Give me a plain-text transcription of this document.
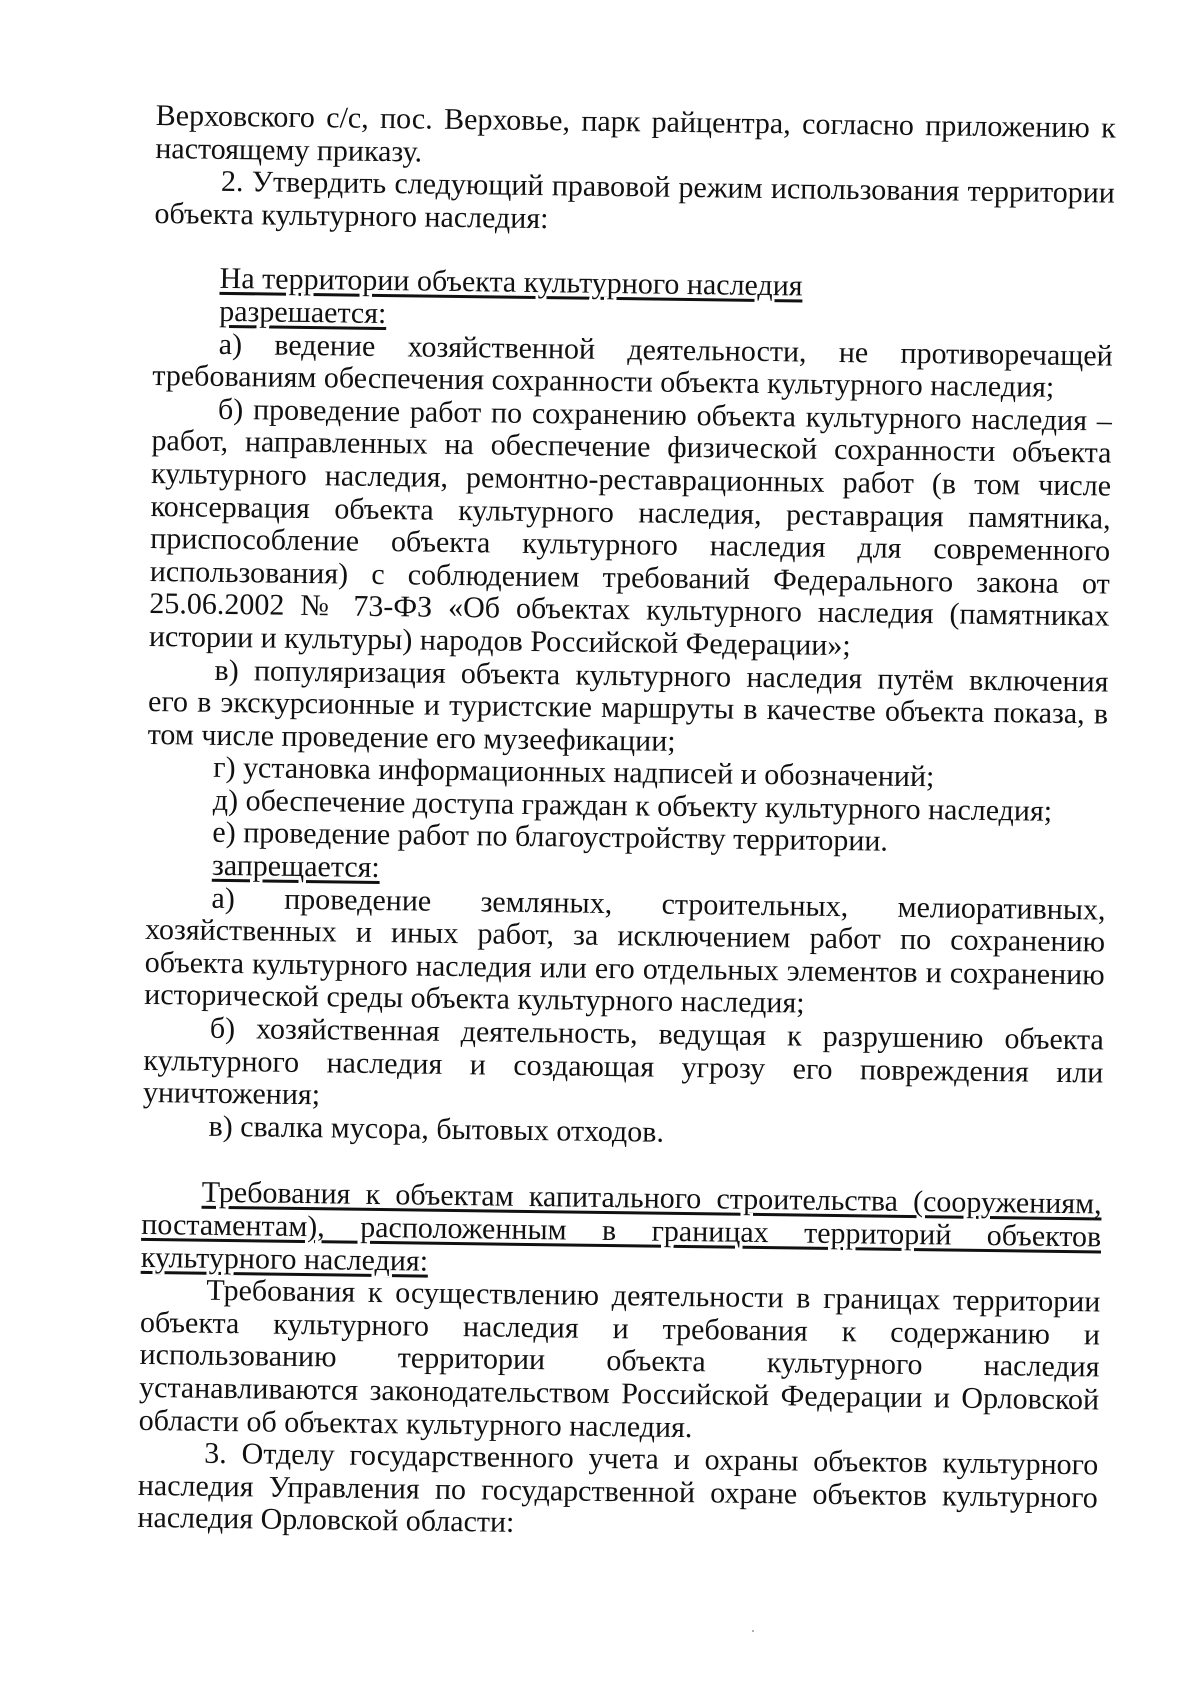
Верховского с/с, пос. Верховье, парк райцентра, согласно приложению к настоящему приказу.

2. Утвердить следующий правовой режим использования территории объекта культурного наследия:

На территории объекта культурного наследия

разрешается:

а) ведение хозяйственной деятельности, не противоречащей требованиям обеспечения сохранности объекта культурного наследия;

б) проведение работ по сохранению объекта культурного наследия – работ, направленных на обеспечение физической сохранности объекта культурного наследия, ремонтно-реставрационных работ (в том числе консервация объекта культурного наследия, реставрация памятника, приспособление объекта культурного наследия для современного использования) с соблюдением требований Федерального закона от 25.06.2002 № 73-ФЗ «Об объектах культурного наследия (памятниках истории и культуры) народов Российской Федерации»;

в) популяризация объекта культурного наследия путём включения его в экскурсионные и туристские маршруты в качестве объекта показа, в том числе проведение его музеефикации;

г) установка информационных надписей и обозначений;

д) обеспечение доступа граждан к объекту культурного наследия;

е) проведение работ по благоустройству территории.

запрещается:

а) проведение земляных, строительных, мелиоративных, хозяйственных и иных работ, за исключением работ по сохранению объекта культурного наследия или его отдельных элементов и сохранению исторической среды объекта культурного наследия;

б) хозяйственная деятельность, ведущая к разрушению объекта культурного наследия и создающая угрозу его повреждения или уничтожения;

в) свалка мусора, бытовых отходов.

Требования к объектам капитального строительства (сооружениям, постаментам), расположенным в границах территорий объектов культурного наследия:

Требования к осуществлению деятельности в границах территории объекта культурного наследия и требования к содержанию и использованию территории объекта культурного наследия устанавливаются законодательством Российской Федерации и Орловской области об объектах культурного наследия.

3. Отделу государственного учета и охраны объектов культурного наследия Управления по государственной охране объектов культурного наследия Орловской области:
